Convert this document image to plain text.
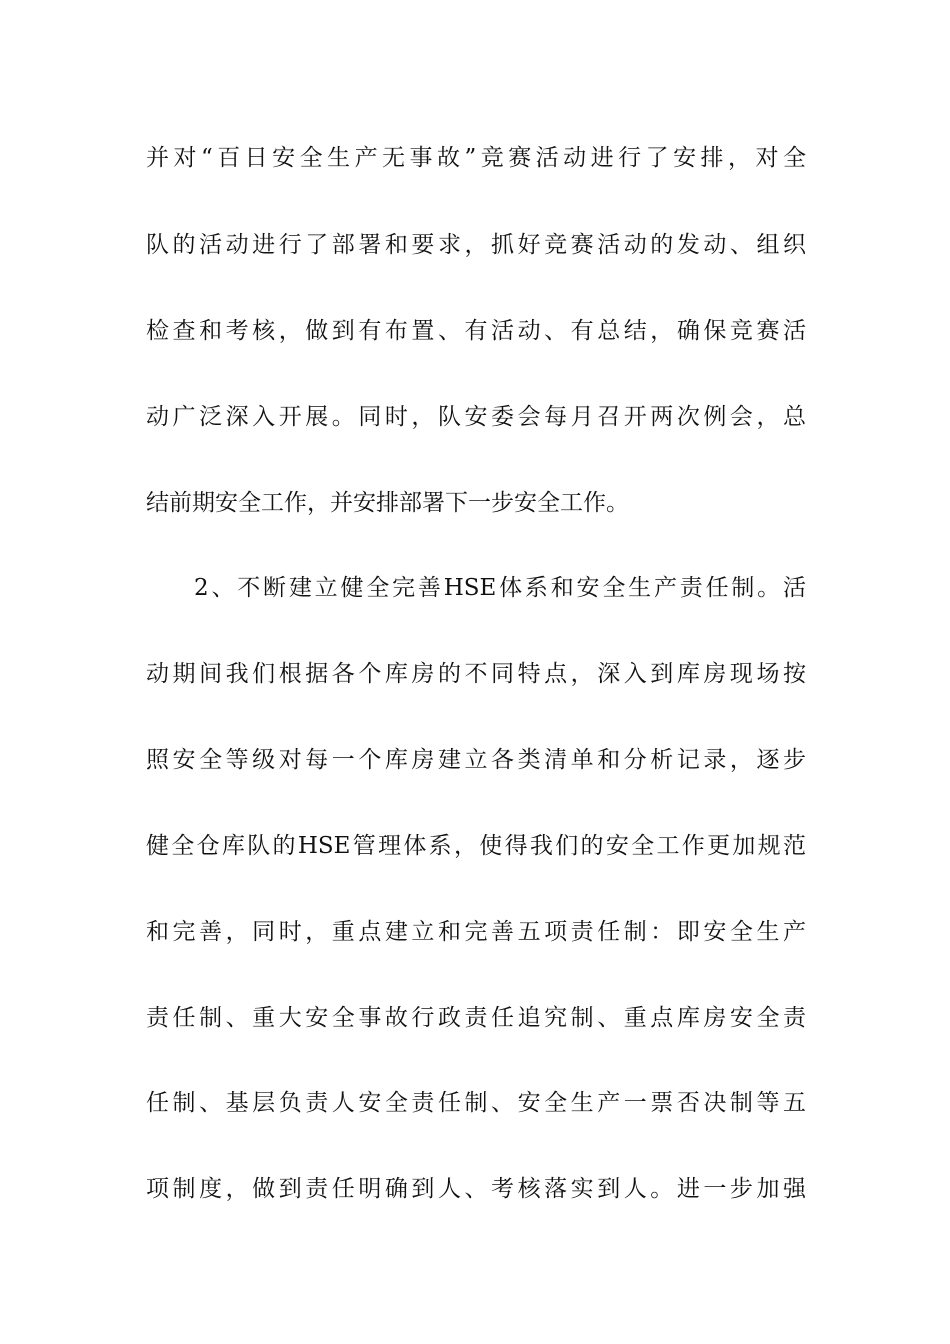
并对“百日安全生产无事故”竞赛活动进行了安排，对全
队的活动进行了部署和要求，抓好竞赛活动的发动、组织
检查和考核，做到有布置、有活动、有总结，确保竞赛活
动广泛深入开展。同时，队安委会每月召开两次例会，总
结前期安全工作，并安排部署下一步安全工作。
2、不断建立健全完善HSE体系和安全生产责任制。活
动期间我们根据各个库房的不同特点，深入到库房现场按
照安全等级对每一个库房建立各类清单和分析记录，逐步
健全仓库队的HSE管理体系，使得我们的安全工作更加规范
和完善，同时，重点建立和完善五项责任制：即安全生产
责任制、重大安全事故行政责任追究制、重点库房安全责
任制、基层负责人安全责任制、安全生产一票否决制等五
项制度，做到责任明确到人、考核落实到人。进一步加强
